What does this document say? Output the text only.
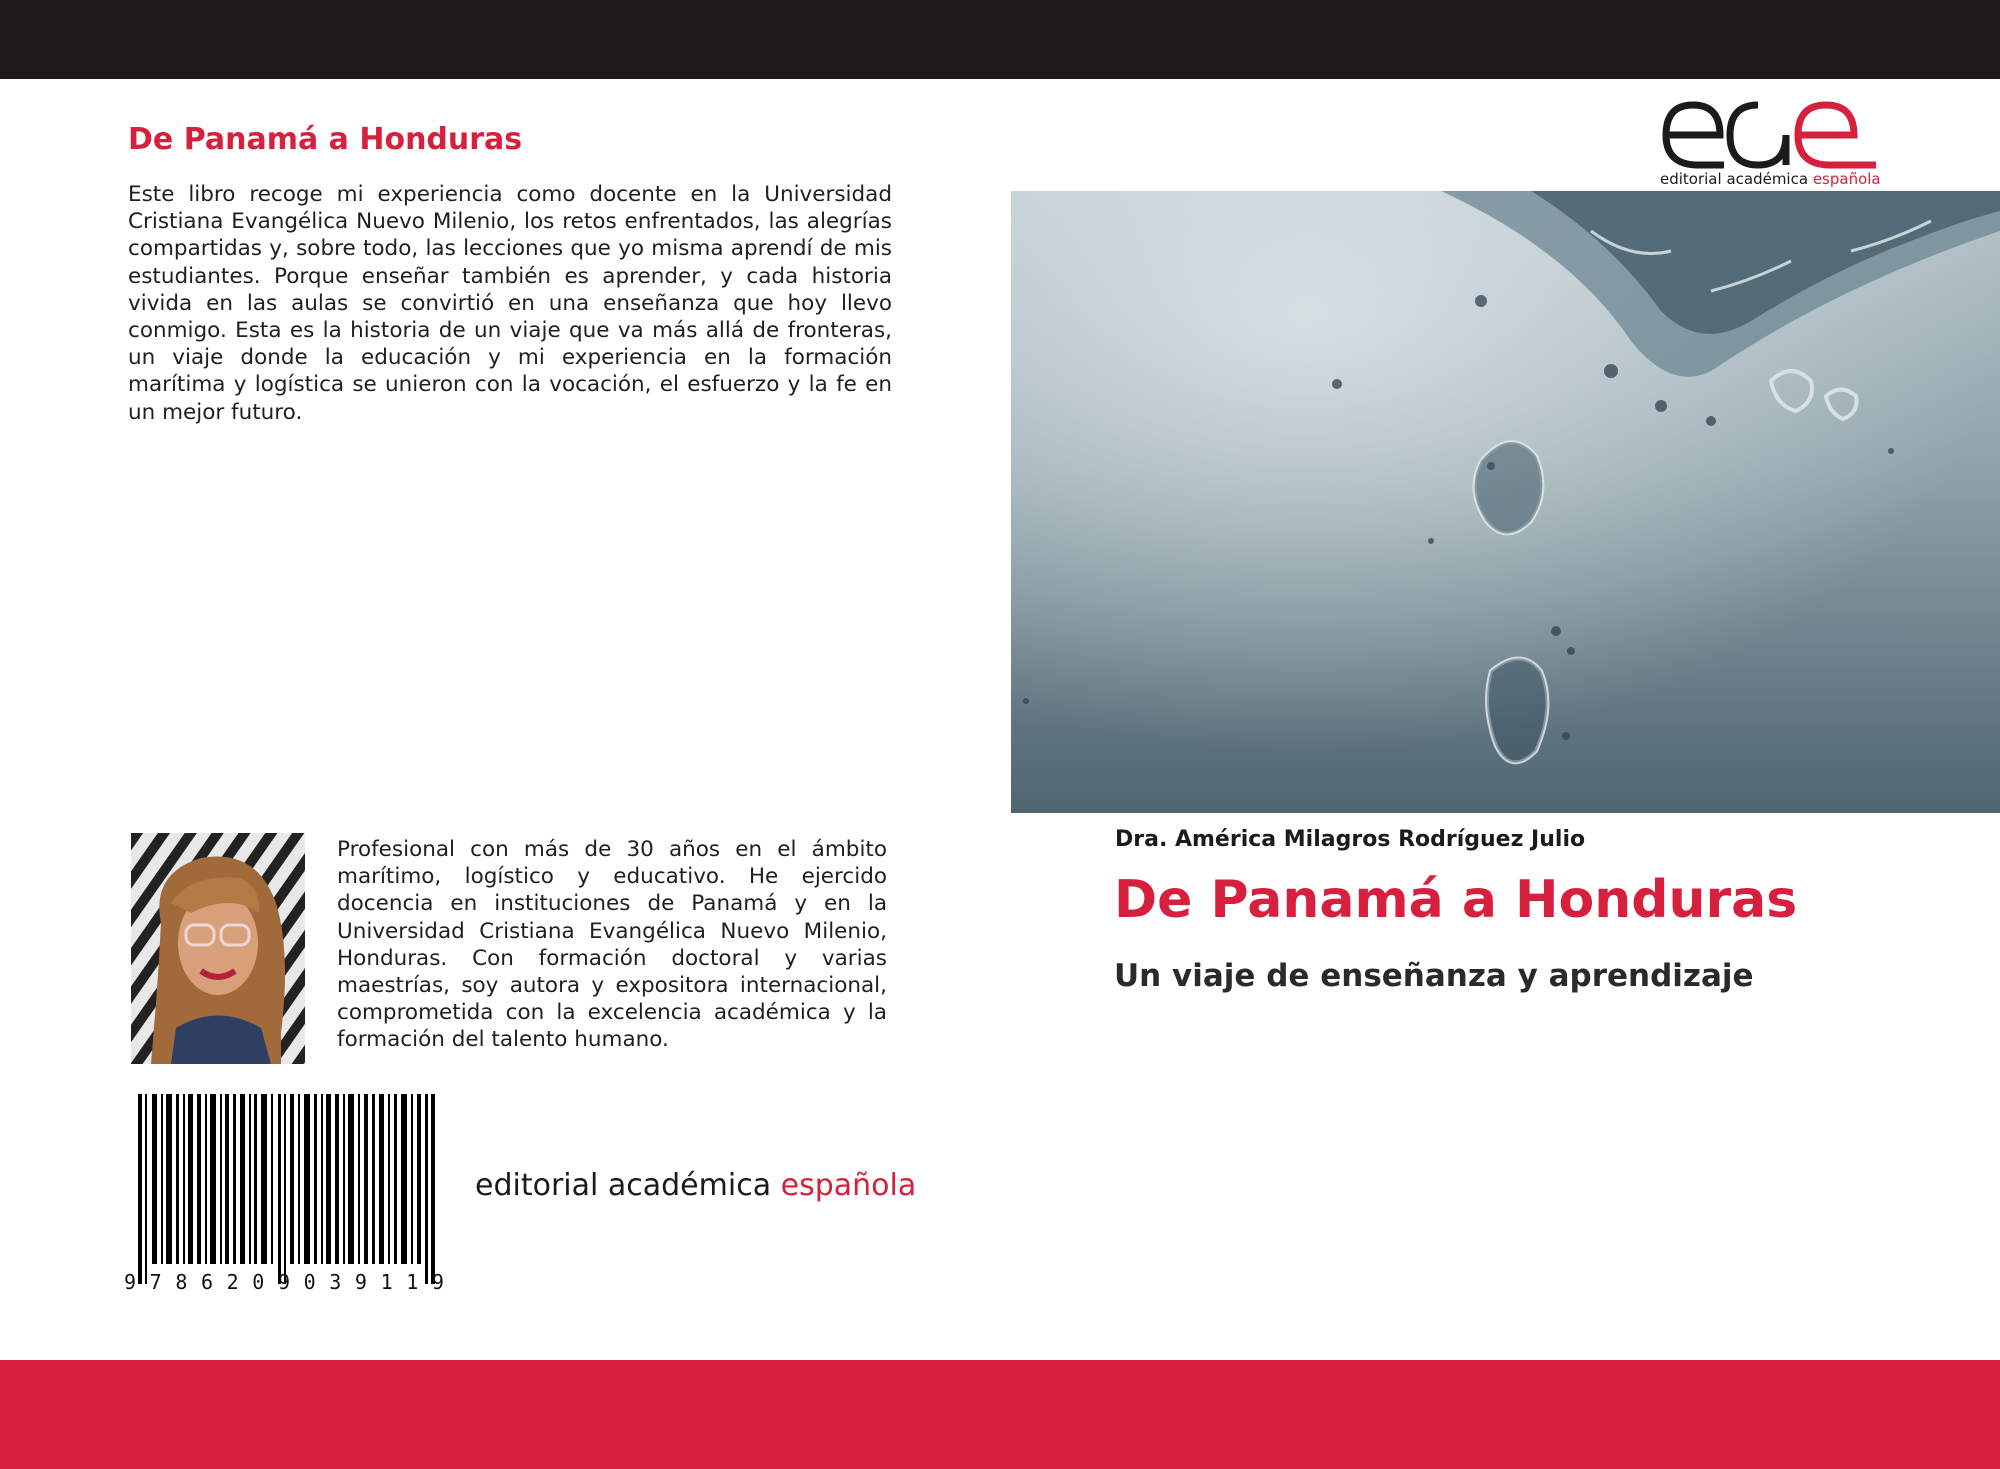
De Panamá a Honduras
Este libro recoge mi experiencia como docente en la Universidad Cristiana Evangélica Nuevo Milenio, los retos enfrentados, las alegrías compartidas y, sobre todo, las lecciones que yo misma aprendí de mis estudiantes. Porque enseñar también es aprender, y cada historia vivida en las aulas se convirtió en una enseñanza que hoy llevo conmigo. Esta es la historia de un viaje que va más allá de fronteras, un viaje donde la educación y mi experiencia en la formación marítima y logística se unieron con la vocación, el esfuerzo y la fe en un mejor futuro.
Profesional con más de 30 años en el ámbito marítimo, logístico y educativo. He ejercido docencia en instituciones de Panamá y en la Universidad Cristiana Evangélica Nuevo Milenio, Honduras. Con formación doctoral y varias maestrías, soy autora y expositora internacional, comprometida con la excelencia académica y la formación del talento humano.
9 7 8 6 2 0 9 0 3 9 1 1 9
editorial académica española
editorial académica española
Dra. América Milagros Rodríguez Julio
De Panamá a Honduras
Un viaje de enseñanza y aprendizaje
